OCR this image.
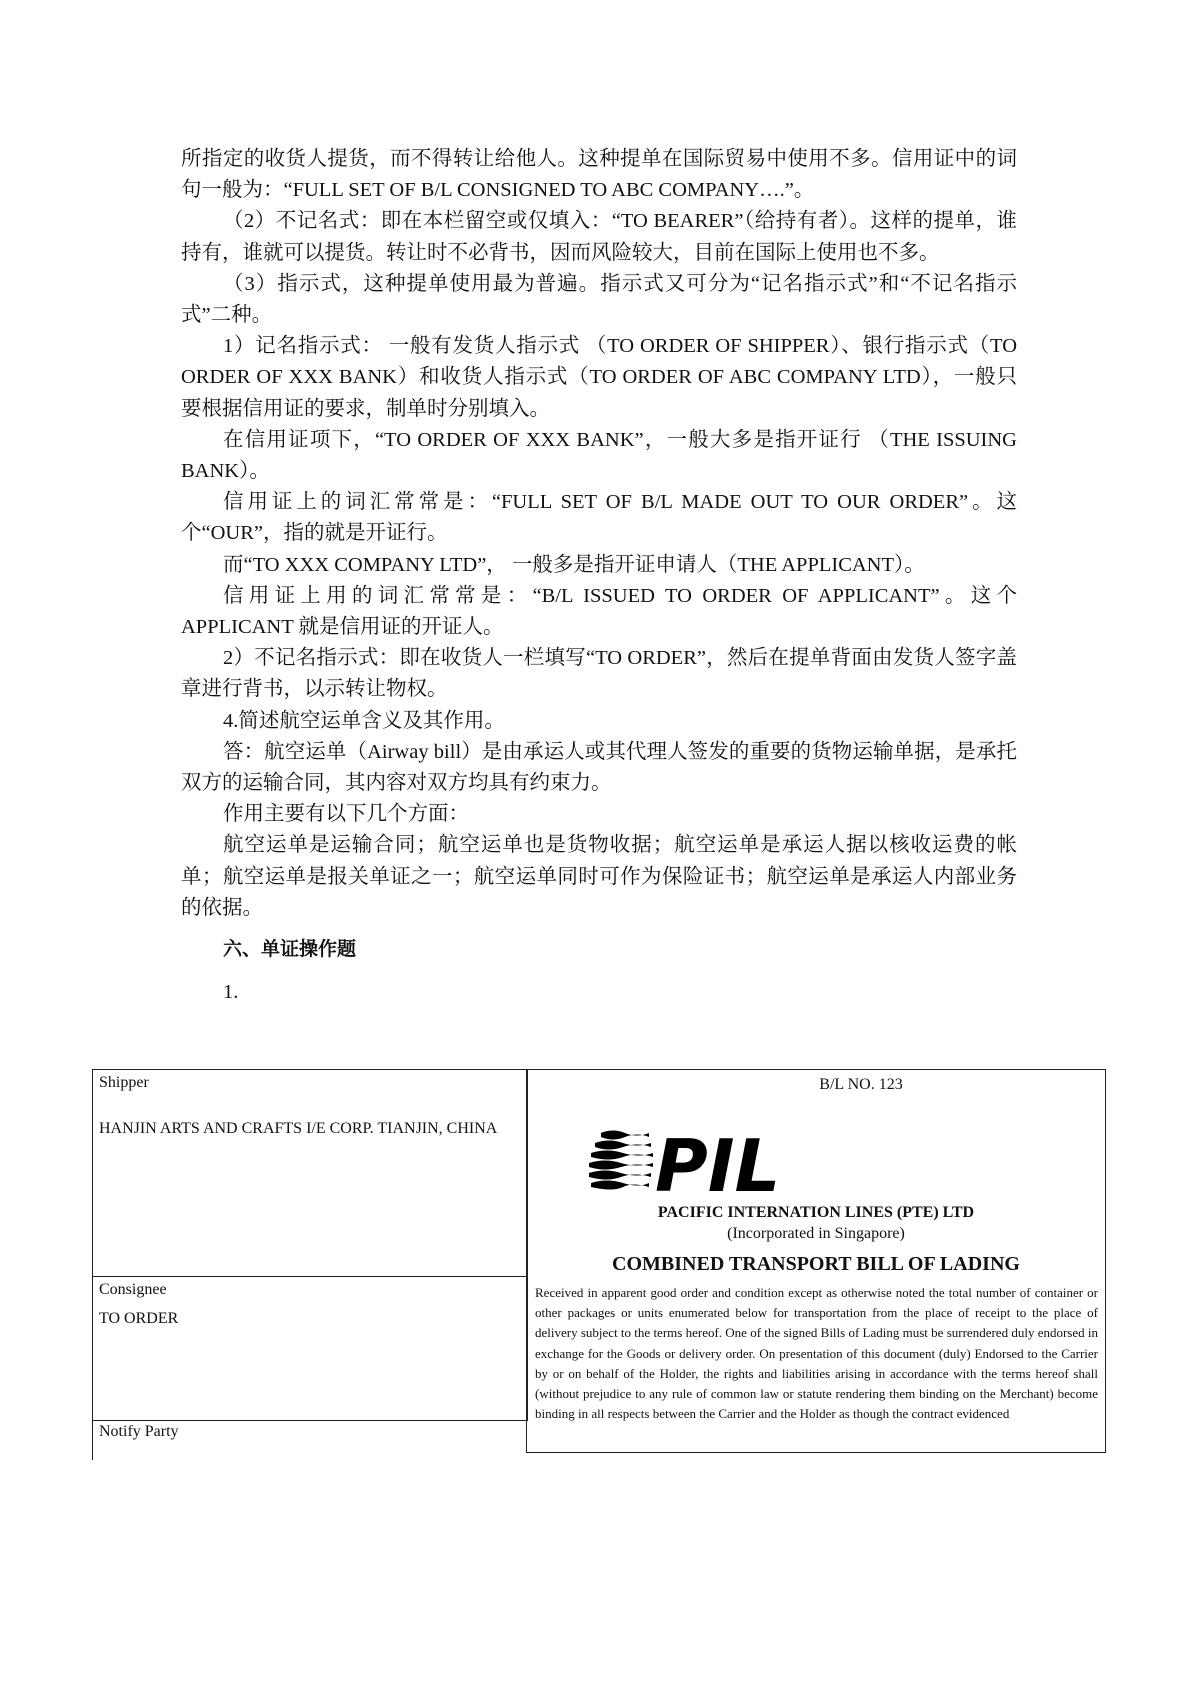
所指定的收货人提货，而不得转让给他人。这种提单在国际贸易中使用不多。信用证中的词句一般为：“FULL SET OF B/L CONSIGNED TO ABC COMPANY….”。

（2）不记名式：即在本栏留空或仅填入：“TO BEARER”（给持有者）。这样的提单，谁持有，谁就可以提货。转让时不必背书，因而风险较大，目前在国际上使用也不多。

（3）指示式，这种提单使用最为普遍。指示式又可分为“记名指示式”和“不记名指示式”二种。

1）记名指示式： 一般有发货人指示式 （TO ORDER OF SHIPPER）、银行指示式（TO ORDER OF XXX BANK）和收货人指示式（TO ORDER OF ABC COMPANY LTD），一般只要根据信用证的要求，制单时分别填入。

在信用证项下，“TO ORDER OF XXX BANK”，一般大多是指开证行 （THE ISSUING BANK）。

信用证上的词汇常常是：“FULL SET OF B/L MADE OUT TO OUR ORDER”。这个“OUR”，指的就是开证行。

而“TO XXX COMPANY LTD”， 一般多是指开证申请人（THE APPLICANT）。

信用证上用的词汇常常是：“B/L ISSUED TO ORDER OF APPLICANT”。这个APPLICANT 就是信用证的开证人。

2）不记名指示式：即在收货人一栏填写“TO ORDER”，然后在提单背面由发货人签字盖章进行背书，以示转让物权。

4.简述航空运单含义及其作用。

答：航空运单（Airway bill）是由承运人或其代理人签发的重要的货物运输单据，是承托双方的运输合同，其内容对双方均具有约束力。

作用主要有以下几个方面：

航空运单是运输合同；航空运单也是货物收据；航空运单是承运人据以核收运费的帐单；航空运单是报关单证之一；航空运单同时可作为保险证书；航空运单是承运人内部业务的依据。

六、单证操作题

1.

Shipper
HANJIN ARTS AND CRAFTS I/E CORP. TIANJIN, CHINA
Consignee
TO ORDER
Notify Party
B/L NO. 123
PIL
PACIFIC INTERNATION LINES (PTE) LTD
(Incorporated in Singapore)
COMBINED TRANSPORT BILL OF LADING
Received in apparent good order and condition except as otherwise noted the total number of container or other packages or units enumerated below for transportation from the place of receipt to the place of delivery subject to the terms hereof. One of the signed Bills of Lading must be surrendered duly endorsed in exchange for the Goods or delivery order. On presentation of this document (duly) Endorsed to the Carrier by or on behalf of the Holder, the rights and liabilities arising in accordance with the terms hereof shall (without prejudice to any rule of common law or statute rendering them binding on the Merchant) become binding in all respects between the Carrier and the Holder as though the contract evidenced
